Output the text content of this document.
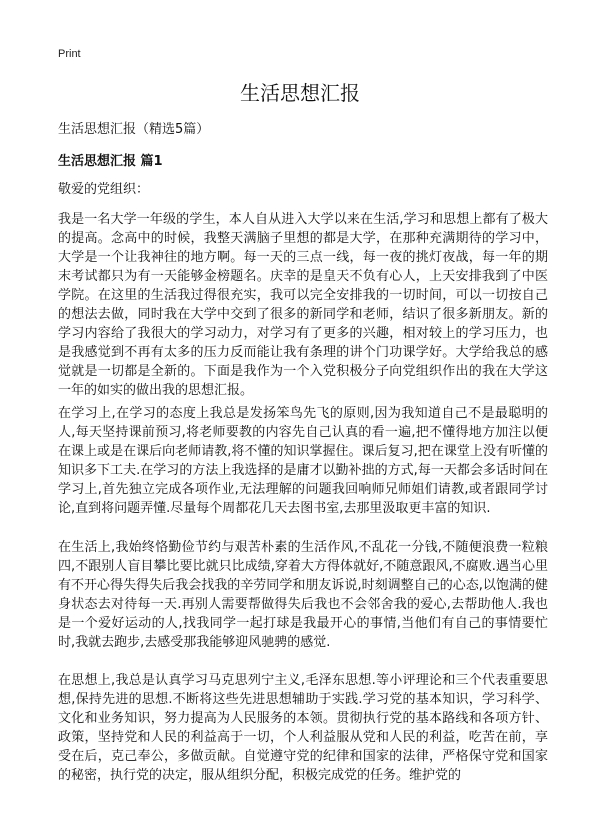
Print
生活思想汇报
生活思想汇报（精选5篇）
生活思想汇报 篇1
敬爱的党组织：

我是一名大学一年级的学生，本人自从进入大学以来在生活,学习和思想上都有了极大的提高。念高中的时候，我整天满脑子里想的都是大学，在那种充满期待的学习中，大学是一个让我神往的地方啊。每一天的三点一线，每一夜的挑灯夜战，每一年的期末考试都只为有一天能够金榜题名。庆幸的是皇天不负有心人，上天安排我到了中医学院。在这里的生活我过得很充实，我可以完全安排我的一切时间，可以一切按自己的想法去做，同时我在大学中交到了很多的新同学和老师，结识了很多新朋友。新的学习内容给了我很大的学习动力，对学习有了更多的兴趣，相对较上的学习压力，也是我感觉到不再有太多的压力反而能让我有条理的讲个门功课学好。大学给我总的感觉就是一切都是全新的。下面是我作为一个入党积极分子向党组织作出的我在大学这一年的如实的做出我的思想汇报。

在学习上,在学习的态度上我总是发扬笨鸟先飞的原则,因为我知道自己不是最聪明的人,每天坚持课前预习,将老师要教的内容先自己认真的看一遍,把不懂得地方加注以便在课上或是在课后向老师请教,将不懂的知识掌握住。课后复习,把在课堂上没有听懂的知识多下工夫.在学习的方法上我选择的是庸才以勤补拙的方式,每一天都会多话时间在学习上,首先独立完成各项作业,无法理解的问题我回响师兄师姐们请教,或者跟同学讨论,直到将问题弄懂.尽量每个周都花几天去图书室,去那里汲取更丰富的知识.

在生活上,我始终恪勤俭节约与艰苦朴素的生活作风,不乱花一分钱,不随便浪费一粒粮四,不跟别人盲目攀比要比就只比成绩,穿着大方得体就好,不随意跟风,不腐败.遇当心里有不开心得失得失后我会找我的辛劳同学和朋友诉说,时刻调整自己的心态,以饱满的健身状态去对待每一天.再别人需要帮做得失后我也不会邻舍我的爱心,去帮助他人.我也是一个爱好运动的人,找我同学一起打球是我最开心的事情,当他们有自己的事情要忙时,我就去跑步,去感受那我能够迎风驰骋的感觉.

在思想上,我总是认真学习马克思列宁主义,毛泽东思想.等小评理论和三个代表重要思想,保持先进的思想.不断将这些先进思想辅助于实践.学习党的基本知识，学习科学、文化和业务知识，努力提高为人民服务的本领。贯彻执行党的基本路线和各项方针、政策，坚持党和人民的利益高于一切，个人利益服从党和人民的利益，吃苦在前，享受在后，克己奉公，多做贡献。自觉遵守党的纪律和国家的法律，严格保守党和国家的秘密，执行党的决定，服从组织分配，积极完成党的任务。维护党的
